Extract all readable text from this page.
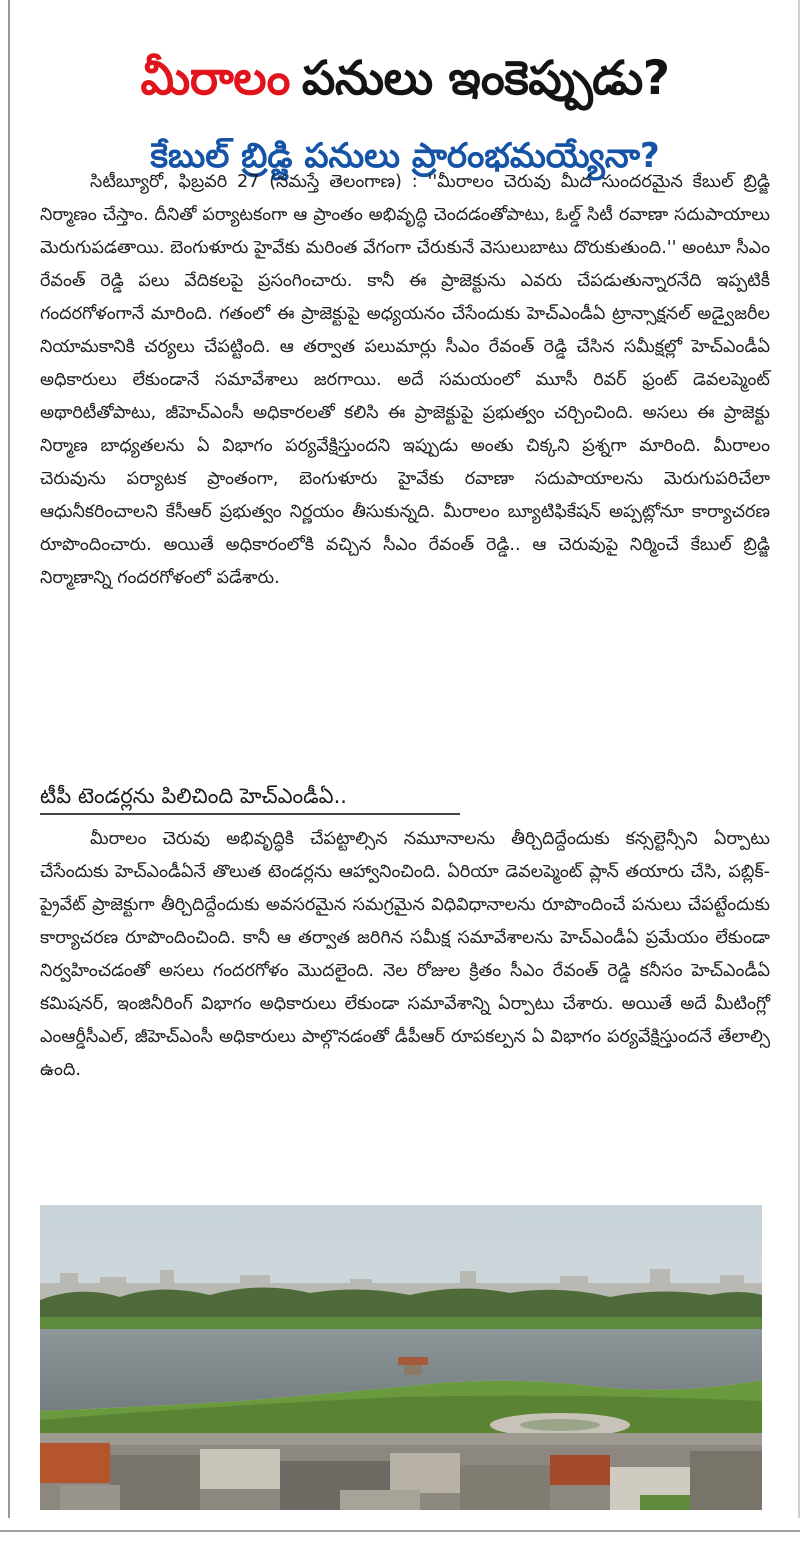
మీరాలం పనులు ఇంకెప్పుడు?
కేబుల్ బ్రిడ్జి పనులు ప్రారంభమయ్యేనా?

సిటీబ్యూరో, ఫిబ్రవరి 27 (నమస్తే తెలంగాణ) : ''మీరాలం చెరువు మీద సుందరమైన కేబుల్ బ్రిడ్జి నిర్మాణం చేస్తాం. దీనితో పర్యాటకంగా ఆ ప్రాంతం అభివృద్ధి చెందడంతోపాటు, ఓల్డ్ సిటీ రవాణా సదుపాయాలు మెరుగుపడతాయి. బెంగుళూరు హైవేకు మరింత వేగంగా చేరుకునే వెసులుబాటు దొరుకుతుంది.'' అంటూ సీఎం రేవంత్ రెడ్డి పలు వేదికలపై ప్రసంగించారు. కానీ ఈ ప్రాజెక్టును ఎవరు చేపడుతున్నారనేది ఇప్పటికీ గందరగోళంగానే మారింది. గతంలో ఈ ప్రాజెక్టుపై అధ్యయనం చేసేందుకు హెచ్ఎండీఏ ట్రాన్సాక్షనల్ అడ్వైజరీల నియామకానికి చర్యలు చేపట్టింది. ఆ తర్వాత పలుమార్లు సీఎం రేవంత్ రెడ్డి చేసిన సమీక్షల్లో హెచ్ఎండీఏ అధికారులు లేకుండానే సమావేశాలు జరగాయి. అదే సమయంలో మూసీ రివర్ ఫ్రంట్ డెవలప్మెంట్ అథారిటీతోపాటు, జీహెచ్ఎంసీ అధికారలతో కలిసి ఈ ప్రాజెక్టుపై ప్రభుత్వం చర్చించింది. అసలు ఈ ప్రాజెక్టు నిర్మాణ బాధ్యతలను ఏ విభాగం పర్యవేక్షిస్తుందని ఇప్పుడు అంతు చిక్కని ప్రశ్నగా మారింది. మీరాలం చెరువును పర్యాటక ప్రాంతంగా, బెంగుళూరు హైవేకు రవాణా సదుపాయాలను మెరుగుపరిచేలా ఆధునీకరించాలని కేసీఆర్ ప్రభుత్వం నిర్ణయం తీసుకున్నది. మీరాలం బ్యూటిఫికేషన్ అప్పట్లోనూ కార్యాచరణ రూపొందించారు. అయితే అధికారంలోకి వచ్చిన సీఎం రేవంత్ రెడ్డి.. ఆ చెరువుపై నిర్మించే కేబుల్ బ్రిడ్జి నిర్మాణాన్ని గందరగోళంలో పడేశారు.

టీపీ టెండర్లను పిలిచింది హెచ్ఎండీఏ..

మీరాలం చెరువు అభివృద్ధికి చేపట్టాల్సిన నమూనాలను తీర్చిదిద్దేందుకు కన్సల్టెన్సీని ఏర్పాటు చేసేందుకు హెచ్ఎండీఏనే తొలుత టెండర్లను ఆహ్వానించింది. ఏరియా డెవలప్మెంట్ ప్లాన్ తయారు చేసి, పబ్లిక్-ప్రైవేట్ ప్రాజెక్టుగా తీర్చిదిద్దేందుకు అవసరమైన సమగ్రమైన విధివిధానాలను రూపొందించే పనులు చేపట్టేందుకు కార్యాచరణ రూపొందించింది. కానీ ఆ తర్వాత జరిగిన సమీక్ష సమావేశాలను హెచ్ఎండీఏ ప్రమేయం లేకుండా నిర్వహించడంతో అసలు గందరగోళం మొదలైంది. నెల రోజుల క్రితం సీఎం రేవంత్ రెడ్డి కనీసం హెచ్ఎండీఏ కమిషనర్, ఇంజినీరింగ్ విభాగం అధికారులు లేకుండా సమావేశాన్ని ఏర్పాటు చేశారు. అయితే అదే మీటింగ్లో ఎంఆర్డీసీఎల్, జీహెచ్ఎంసీ అధికారులు పాల్గొనడంతో డీపీఆర్ రూపకల్పన ఏ విభాగం పర్యవేక్షిస్తుందనే తేలాల్సి ఉంది.
